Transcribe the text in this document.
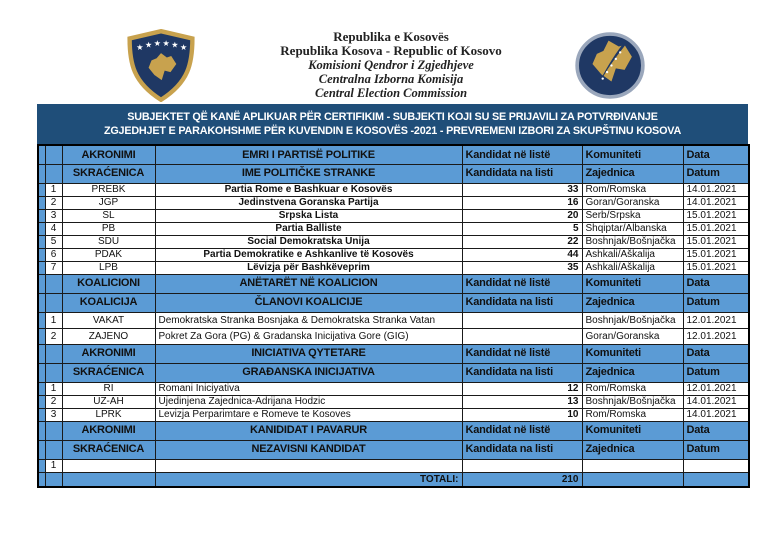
★ ★ ★ ★ ★ ★
Republika e Kosovës
Republika Kosova - Republic of Kosovo
Komisioni Qendror i Zgjedhjeve
Centralna Izborna Komisija
Central Election Commission
SUBJEKTET QË KANË APLIKUAR PËR CERTIFIKIM - SUBJEKTI KOJI SU SE PRIJAVILI ZA POTVRĐIVANJE
ZGJEDHJET E PARAKOHSHME PËR KUVENDIN E KOSOVËS -2021 - PREVREMENI IZBORI ZA SKUPŠTINU KOSOVA
		AKRONIMI	EMRI I PARTISË POLITIKE	Kandidat në listë	Komuniteti	Data
		SKRAĆENICA	IME POLITIČKE STRANKE	Kandidata na listi	Zajednica	Datum
	1	PREBK	Partia Rome e Bashkuar e Kosovës	33	Rom/Romska	14.01.2021
	2	JGP	Jedinstvena Goranska Partija	16	Goran/Goranska	14.01.2021
	3	SL	Srpska Lista	20	Serb/Srpska	15.01.2021
	4	PB	Partia Balliste	5	Shqiptar/Albanska	15.01.2021
	5	SDU	Social Demokratska Unija	22	Boshnjak/Bošnjačka	15.01.2021
	6	PDAK	Partia Demokratike e Ashkanlive të Kosovës	44	Ashkali/Aškalija	15.01.2021
	7	LPB	Lëvizja për Bashkëveprim	35	Ashkali/Aškalija	15.01.2021
		KOALICIONI	ANËTARËT NË KOALICION	Kandidat në listë	Komuniteti	Data
		KOALICIJA	ČLANOVI KOALICIJE	Kandidata na listi	Zajednica	Datum
	1	VAKAT	Demokratska Stranka Bosnjaka & Demokratska Stranka Vatan		Boshnjak/Bošnjačka	12.01.2021
	2	ZAJENO	Pokret Za Gora (PG) & Gradanska Inicijativa Gore (GIG)		Goran/Goranska	12.01.2021
		AKRONIMI	INICIATIVA QYTETARE	Kandidat në listë	Komuniteti	Data
		SKRAĆENICA	GRAĐANSKA INICIJATIVA	Kandidata na listi	Zajednica	Datum
	1	RI	Romani Iniciyativa	12	Rom/Romska	12.01.2021
	2	UZ-AH	Ujedinjena Zajednica-Adrijana Hodzic	13	Boshnjak/Bošnjačka	14.01.2021
	3	LPRK	Levizja Perparimtare e Romeve te Kosoves	10	Rom/Romska	14.01.2021
		AKRONIMI	KANIDIDAT I PAVARUR	Kandidat në listë	Komuniteti	Data
		SKRAĆENICA	NEZAVISNI KANDIDAT	Kandidata na listi	Zajednica	Datum
	1					
			TOTALI:	210		
